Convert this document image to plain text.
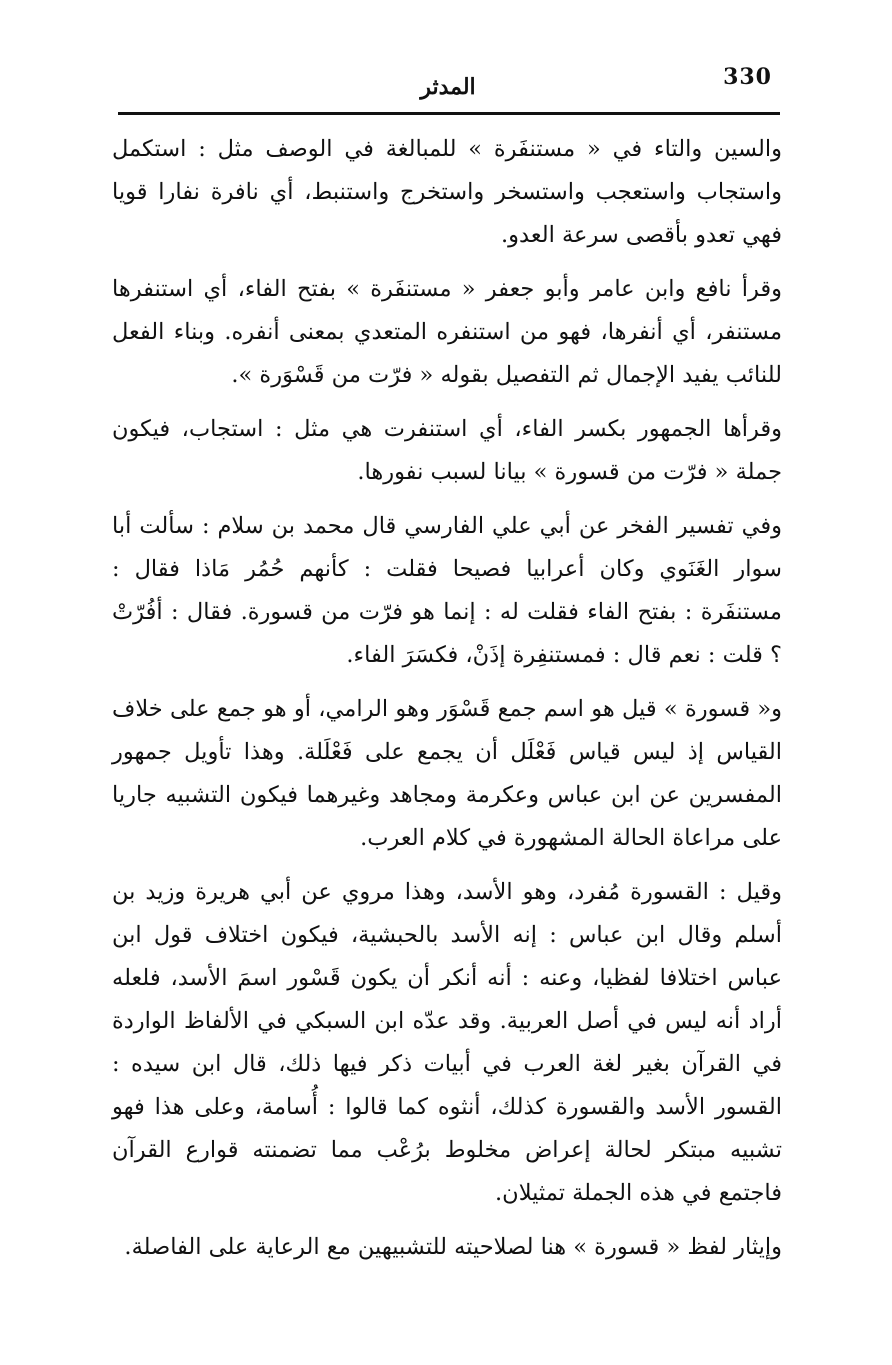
330
المدثر

والسين والتاء في « مستنفَرة » للمبالغة في الوصف مثل : استكمل واستجاب واستعجب واستسخر واستخرج واستنبط، أي نافرة نفارا قويا فهي تعدو بأقصى سرعة العدو.

وقرأ نافع وابن عامر وأبو جعفر « مستنفَرة » بفتح الفاء، أي استنفرها مستنفر، أي أنفرها، فهو من استنفره المتعدي بمعنى أنفره. وبناء الفعل للنائب يفيد الإجمال ثم التفصيل بقوله « فرّت من قَسْوَرة ».

وقرأها الجمهور بكسر الفاء، أي استنفرت هي مثل : استجاب، فيكون جملة « فرّت من قسورة » بيانا لسبب نفورها.

وفي تفسير الفخر عن أبي علي الفارسي قال محمد بن سلام : سألت أبا سوار الغَنَوي وكان أعرابيا فصيحا فقلت : كأنهم حُمُر مَاذا فقال : مستنفَرة : بفتح الفاء فقلت له : إنما هو فرّت من قسورة. فقال : أفُرّتْ ؟ قلت : نعم قال : فمستنفِرة إذَنْ، فكسَرَ الفاء.

و« قسورة » قيل هو اسم جمع قَسْوَر وهو الرامي، أو هو جمع على خلاف القياس إذ ليس قياس فَعْلَل أن يجمع على فَعْلَلة. وهذا تأويل جمهور المفسرين عن ابن عباس وعكرمة ومجاهد وغيرهما فيكون التشبيه جاريا على مراعاة الحالة المشهورة في كلام العرب.

وقيل : القسورة مُفرد، وهو الأسد، وهذا مروي عن أبي هريرة وزيد بن أسلم وقال ابن عباس : إنه الأسد بالحبشية، فيكون اختلاف قول ابن عباس اختلافا لفظيا، وعنه : أنه أنكر أن يكون قَسْور اسمَ الأسد، فلعله أراد أنه ليس في أصل العربية. وقد عدّه ابن السبكي في الألفاظ الواردة في القرآن بغير لغة العرب في أبيات ذكر فيها ذلك، قال ابن سيده : القسور الأسد والقسورة كذلك، أنثوه كما قالوا : أُسامة، وعلى هذا فهو تشبيه مبتكر لحالة إعراض مخلوط برُعْب مما تضمنته قوارع القرآن فاجتمع في هذه الجملة تمثيلان.

وإيثار لفظ « قسورة » هنا لصلاحيته للتشبيهين مع الرعاية على الفاصلة.
